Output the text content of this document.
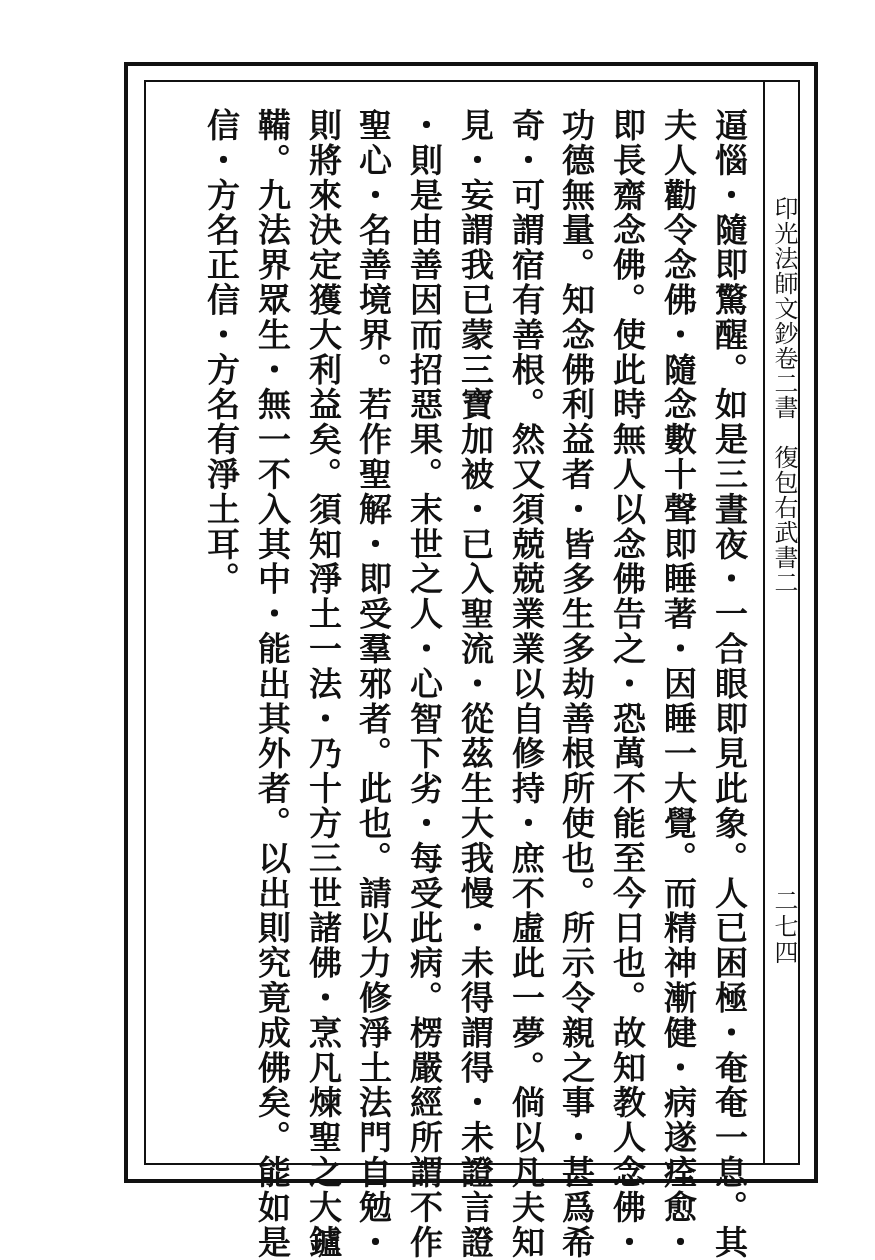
印光法師文鈔卷二

書

復包右武書二

二七四

逼惱・隨即驚醒。如是三晝夜・一合眼即見此象。人已困極・奄奄一息。其

夫人勸令念佛・隨念數十聲即睡著・因睡一大覺。而精神漸健・病遂痊愈・

即長齋念佛。使此時無人以念佛告之・恐萬不能至今日也。故知教人念佛・

功德無量。知念佛利益者・皆多生多劫善根所使也。所示令親之事・甚爲希

奇・可謂宿有善根。然又須兢兢業業以自修持・庶不虛此一夢。倘以凡夫知

見・妄謂我已蒙三寶加被・已入聖流・從茲生大我慢・未得謂得・未證言證

・則是由善因而招惡果。末世之人・心智下劣・每受此病。楞嚴經所謂不作

聖心・名善境界。若作聖解・即受羣邪者。此也。請以力修淨土法門自勉・

則將來決定獲大利益矣。須知淨土一法・乃十方三世諸佛・烹凡煉聖之大鑪

鞴。九法界眾生・無一不入其中・能出其外者。以出則究竟成佛矣。能如是

信・方名正信・方名有淨土耳。
